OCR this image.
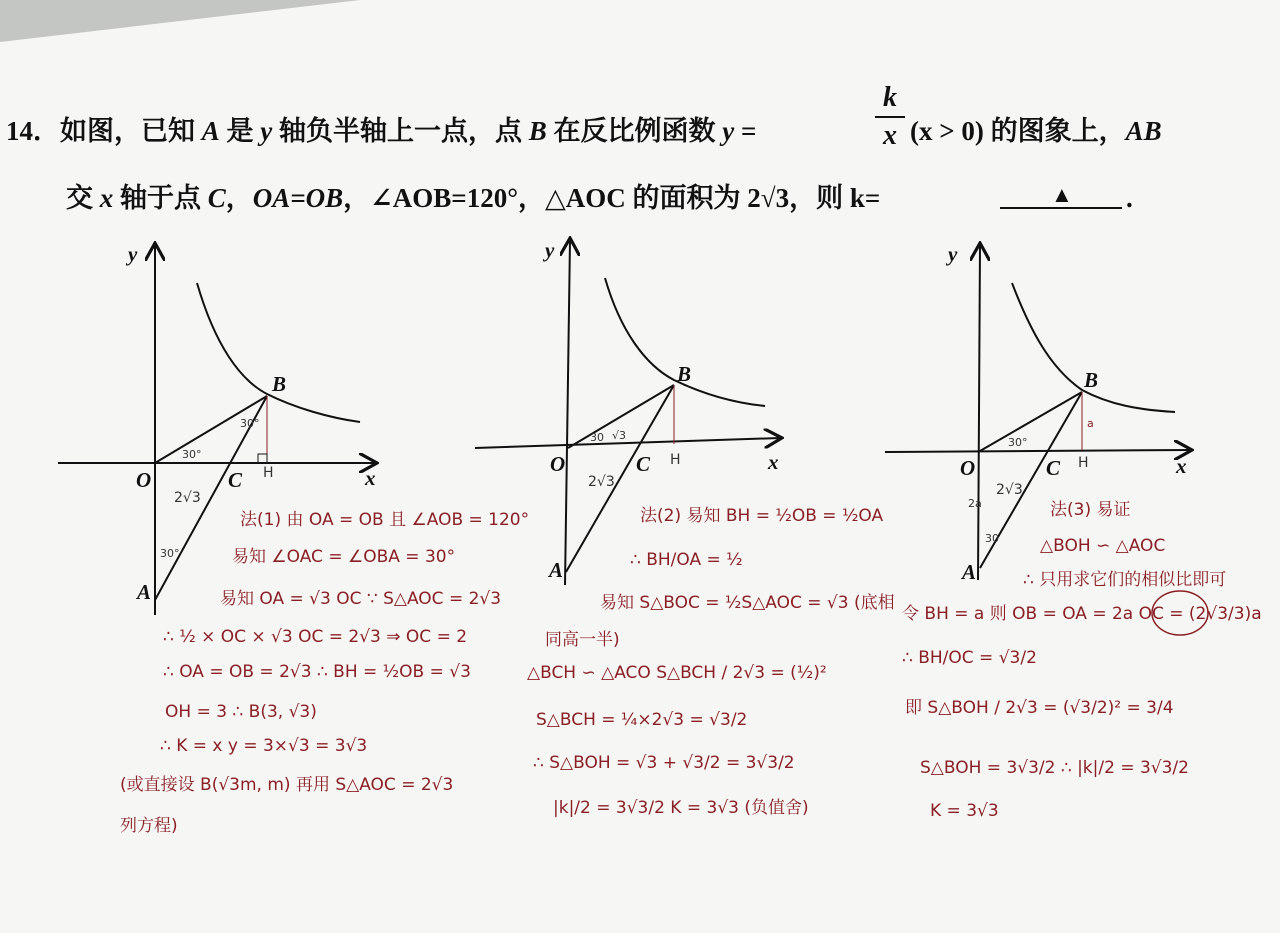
14．如图，已知 A 是 y 轴负半轴上一点，点 B 在反比例函数 y =
k
x (x > 0) 的图象上，AB
交 x 轴于点 C，OA=OB，∠AOB=120°，△AOC 的面积为 2√3，则 k=	▲ .
y
x
O	C
B
A
H
2√3
30°
30°
30°
y
x
O	C
B
A
H
2√3
30 √3
y
x
O	C
B
A
H
2√3
a
2a
30
30°
法(1) 由 OA = OB 且 ∠AOB = 120°
易知 ∠OAC = ∠OBA = 30°
易知 OA = √3 OC ∵ S△AOC = 2√3
∴ ½ × OC × √3 OC = 2√3 ⇒ OC = 2
∴ OA = OB = 2√3 ∴ BH = ½OB = √3
OH = 3 ∴ B(3, √3)
∴ K = x y = 3×√3 = 3√3
(或直接设 B(√3m, m) 再用 S△AOC = 2√3
列方程)
法(2) 易知 BH = ½OB = ½OA
∴ BH/OA = ½
易知 S△BOC = ½S△AOC = √3 (底相
同高一半)
△BCH ∽ △ACO S△BCH / 2√3 = (½)²
S△BCH = ¼×2√3 = √3/2
∴ S△BOH = √3 + √3/2 = 3√3/2
|k|/2 = 3√3/2 K = 3√3 (负值舍)
法(3) 易证
△BOH ∽ △AOC
∴ 只用求它们的相似比即可
令 BH = a 则 OB = OA = 2a OC = (2√3/3)a
∴ BH/OC = √3/2
即 S△BOH / 2√3 = (√3/2)² = 3/4
S△BOH = 3√3/2 ∴ |k|/2 = 3√3/2
K = 3√3
